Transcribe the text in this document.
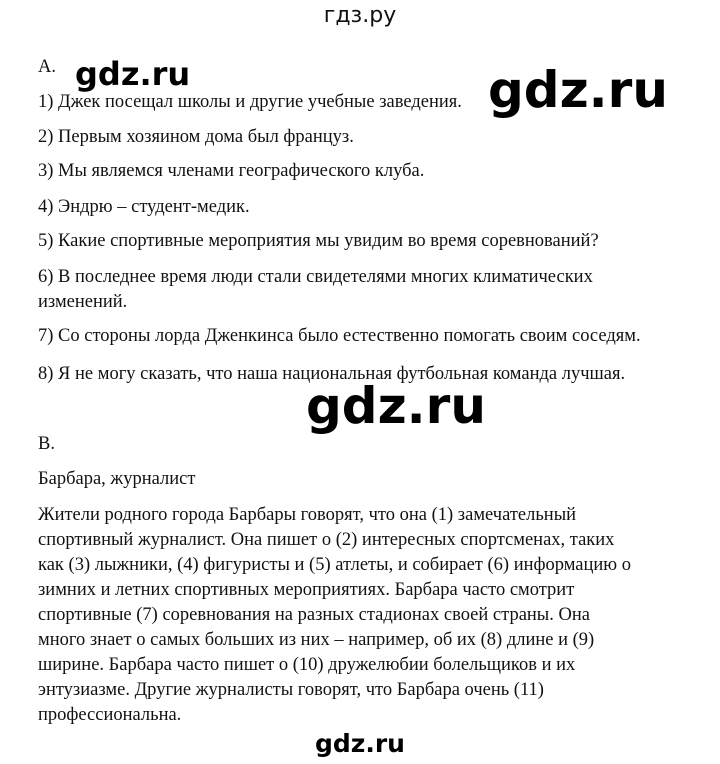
гдз.ру
A.
1) Джек посещал школы и другие учебные заведения.
2) Первым хозяином дома был француз.
3) Мы являемся членами географического клуба.
4) Эндрю – студент-медик.
5) Какие спортивные мероприятия мы увидим во время соревнований?
6) В последнее время люди стали свидетелями многих климатических изменений.
7) Со стороны лорда Дженкинса было естественно помогать своим соседям.
8) Я не могу сказать, что наша национальная футбольная команда лучшая.
B.
Барбара, журналист
Жители родного города Барбары говорят, что она (1) замечательный спортивный журналист. Она пишет о (2) интересных спортсменах, таких как (3) лыжники, (4) фигуристы и (5) атлеты, и собирает (6) информацию о зимних и летних спортивных мероприятиях. Барбара часто смотрит спортивные (7) соревнования на разных стадионах своей страны. Она много знает о самых больших из них – например, об их (8) длине и (9) ширине. Барбара часто пишет о (10) дружелюбии болельщиков и их энтузиазме. Другие журналисты говорят, что Барбара очень (11) профессиональна.
gdz.ru	gdz.ru
gdz.ru
gdz.ru
